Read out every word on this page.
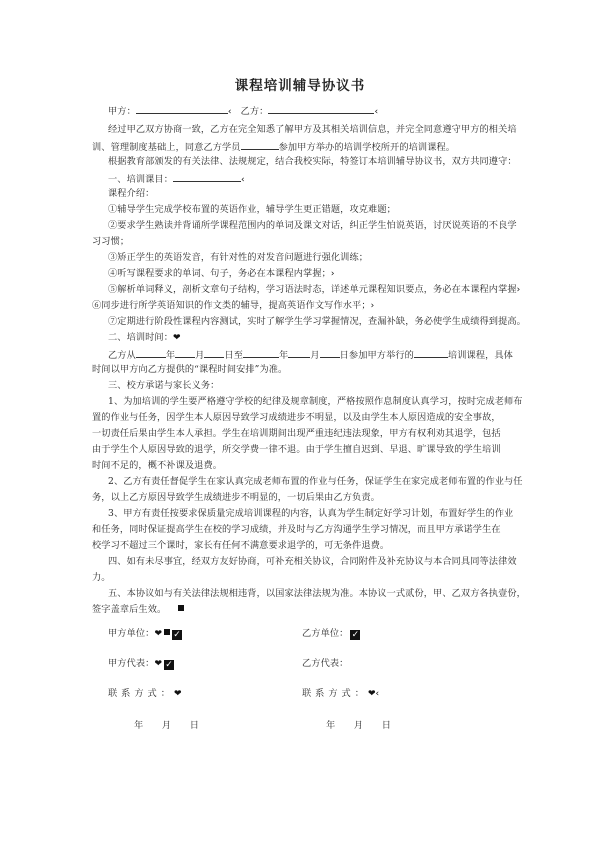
课程培训辅导协议书
甲方：	‹ 乙方：	‹
经过甲乙双方协商一致，乙方在完全知悉了解甲方及其相关培训信息，并完全同意遵守甲方的相关培
训、管理制度基础上，同意乙方学员	参加甲方举办的培训学校所开的培训课程。
根据教育部颁发的有关法律、法规规定，结合我校实际，特签订本培训辅导协议书，双方共同遵守：
一、培训课目：	‹
课程介绍：
①辅导学生完成学校布置的英语作业，辅导学生更正错题，攻克难题；
②要求学生熟读并背诵所学课程范围内的单词及课文对话，纠正学生怕说英语，讨厌说英语的不良学
习习惯；
③矫正学生的英语发音，有针对性的对发音问题进行强化训练；
④听写课程要求的单词、句子，务必在本课程内掌握；›
⑤解析单词释义，剖析文章句子结构，学习语法时态，详述单元课程知识要点，务必在本课程内掌握›
⑥同步进行所学英语知识的作文类的辅导，提高英语作文写作水平；›
⑦定期进行阶段性课程内容测试，实时了解学生学习掌握情况，查漏补缺，务必使学生成绩得到提高。
二、培训时间：❤
乙方从	年 月 日至	年 月 日参加甲方举行的	培训课程，具体
时间以甲方向乙方提供的“课程时间安排”为准。
三、校方承诺与家长义务：
1、为加培训的学生要严格遵守学校的纪律及规章制度，严格按照作息制度认真学习，按时完成老师布
置的作业与任务，因学生本人原因导致学习成绩进步不明显，以及由学生本人原因造成的安全事故，
一切责任后果由学生本人承担。学生在培训期间出现严重违纪违法现象，甲方有权利劝其退学，包括
由于学生个人原因导致的退学，所交学费一律不退。由于学生擅自迟到、早退、旷课导致的学生培训
时间不足的，概不补课及退费。
2、乙方有责任督促学生在家认真完成老师布置的作业与任务，保证学生在家完成老师布置的作业与任
务，以上乙方原因导致学生成绩进步不明显的，一切后果由乙方负责。
3、甲方有责任按要求保质量完成培训课程的内容，认真为学生制定好学习计划，布置好学生的作业
和任务，同时保证提高学生在校的学习成绩，并及时与乙方沟通学生学习情况，而且甲方承诺学生在
校学习不超过三个课时，家长有任何不满意要求退学的，可无条件退费。
四、如有未尽事宜，经双方友好协商，可补充相关协议，合同附件及补充协议与本合同具同等法律效
力。
五、本协议如与有关法律法规相违背，以国家法律法规为准。本协议一式贰份，甲、乙双方各执壹份，
签字盖章后生效。
甲方单位：❤ ✓	乙方单位： ✓
甲方代表：❤ ✓	乙方代表：
联系方式：❤	联系方式：❤‹
年　　月　　日	年　　月　　日
